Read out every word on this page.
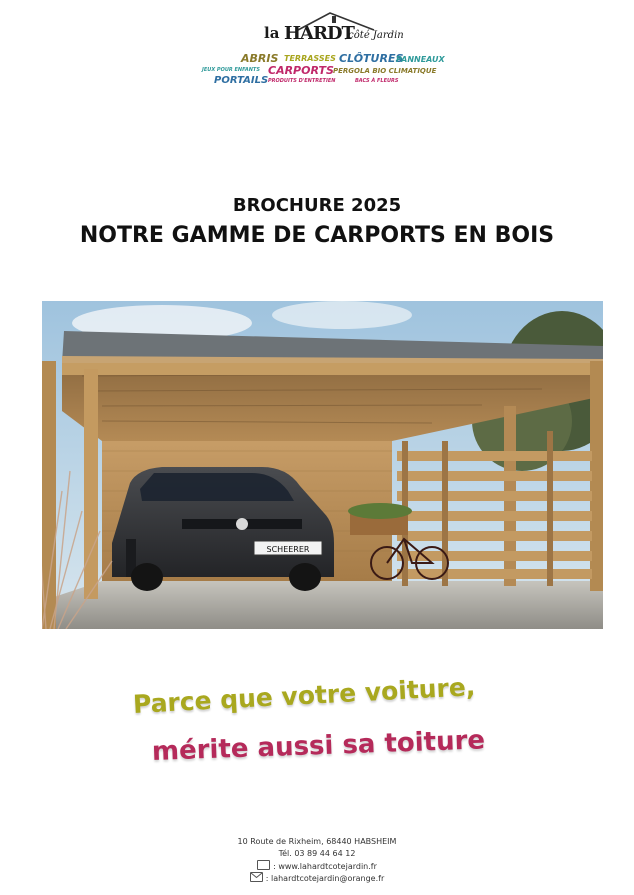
la HARDT
,côté Jardin
ABRIS TERRASSES CLÔTURES
PANNEAUX
JEUX POUR ENFANTS CARPORTS PERGOLA BIO CLIMATIQUE
PORTAILS PRODUITS D'ENTRETIEN	BACS À FLEURS
BROCHURE 2025
NOTRE GAMME DE CARPORTS EN BOIS
SCHEERER
Parce que votre voiture,
mérite aussi sa toiture
10 Route de Rixheim, 68440 HABSHEIM
Tél. 03 89 44 64 12
: www.lahardtcotejardin.fr
: lahardtcotejardin@orange.fr
